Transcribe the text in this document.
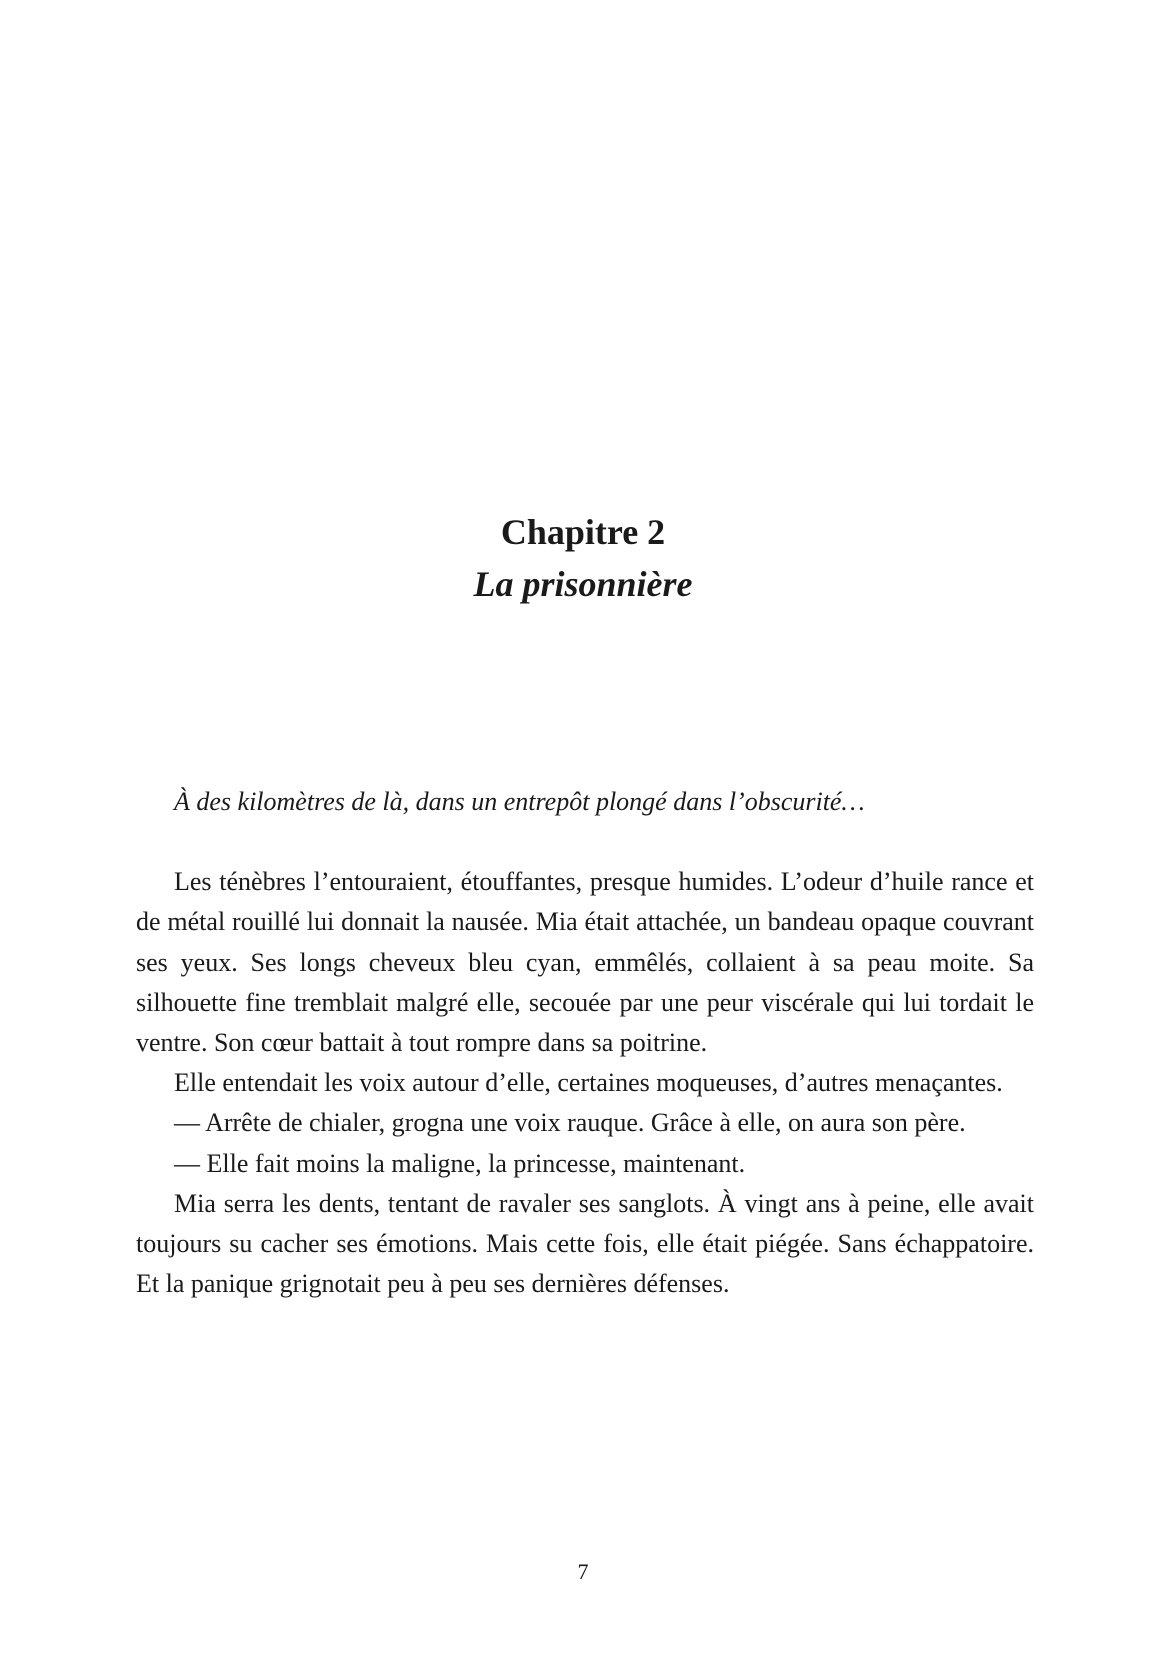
Chapitre 2
La prisonnière

À des kilomètres de là, dans un entrepôt plongé dans l’obscurité…

Les ténèbres l’entouraient, étouffantes, presque humides. L’odeur d’huile rance et de métal rouillé lui donnait la nausée. Mia était attachée, un bandeau opaque couvrant ses yeux. Ses longs cheveux bleu cyan, emmêlés, collaient à sa peau moite. Sa silhouette fine tremblait malgré elle, secouée par une peur viscérale qui lui tordait le ventre. Son cœur battait à tout rompre dans sa poitrine.

Elle entendait les voix autour d’elle, certaines moqueuses, d’autres menaçantes.

— Arrête de chialer, grogna une voix rauque. Grâce à elle, on aura son père.

— Elle fait moins la maligne, la princesse, maintenant.

Mia serra les dents, tentant de ravaler ses sanglots. À vingt ans à peine, elle avait toujours su cacher ses émotions. Mais cette fois, elle était piégée. Sans échappatoire. Et la panique grignotait peu à peu ses dernières défenses.

7
